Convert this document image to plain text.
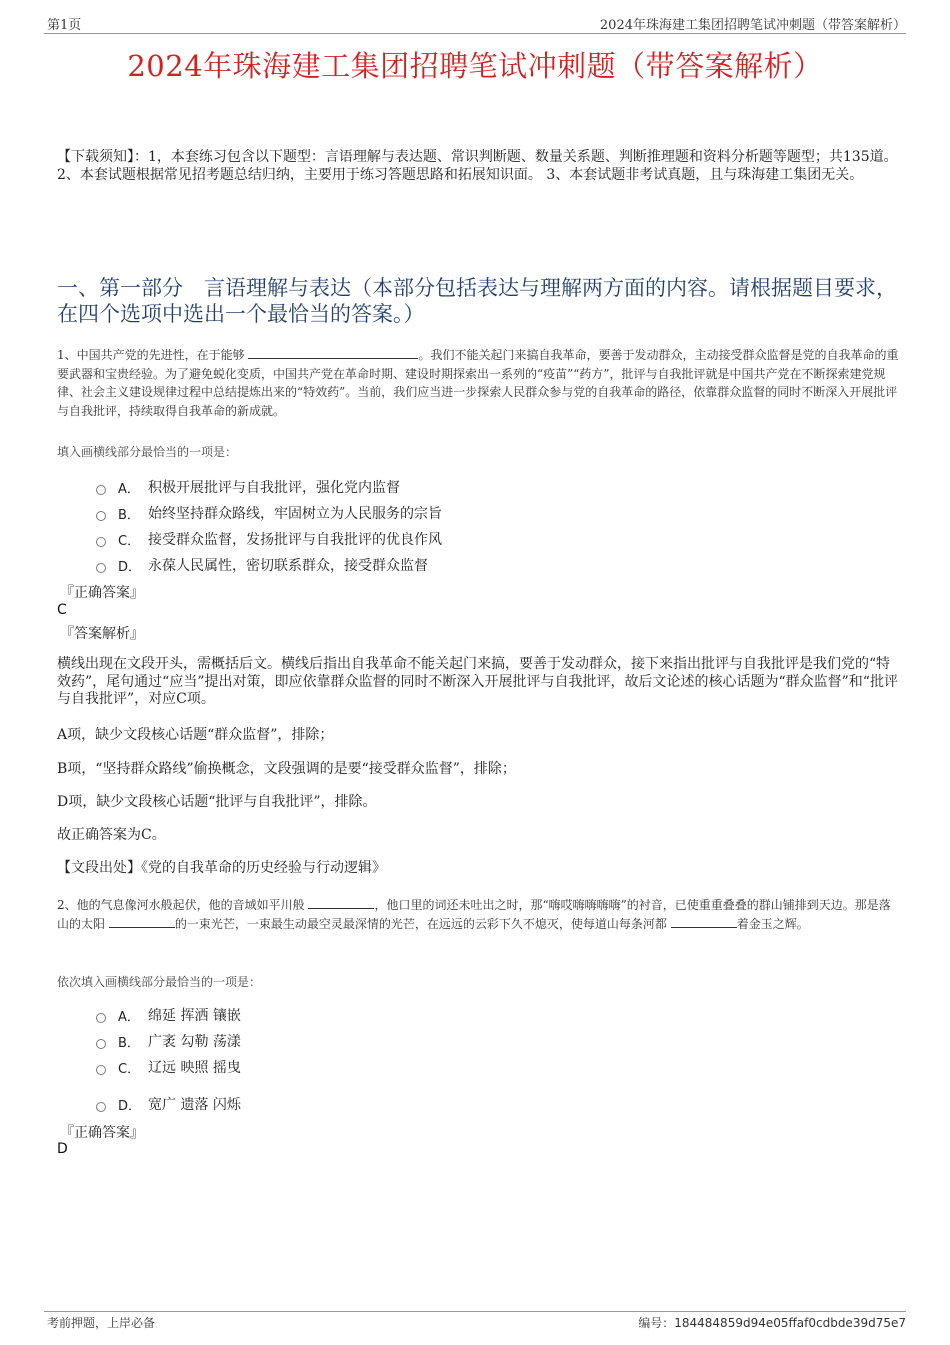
第1页	2024年珠海建工集团招聘笔试冲刺题（带答案解析）
2024年珠海建工集团招聘笔试冲刺题（带答案解析）
【下载须知】：1，本套练习包含以下题型：言语理解与表达题、常识判断题、数量关系题、判断推理题和资料分析题等题型；共135道。 2、本套试题根据常见招考题总结归纳，主要用于练习答题思路和拓展知识面。 3、本套试题非考试真题，且与珠海建工集团无关。
一、第一部分　言语理解与表达（本部分包括表达与理解两方面的内容。请根据题目要求，在四个选项中选出一个最恰当的答案。）
1、中国共产党的先进性，在于能够	。我们不能关起门来搞自我革命，要善于发动群众，主动接受群众监督是党的自我革命的重要武器和宝贵经验。为了避免蜕化变质，中国共产党在革命时期、建设时期探索出一系列的“疫苗”“药方”，批评与自我批评就是中国共产党在不断探索建党规律、社会主义建设规律过程中总结提炼出来的“特效药”。当前，我们应当进一步探索人民群众参与党的自我革命的路径，依靠群众监督的同时不断深入开展批评与自我批评，持续取得自我革命的新成就。
填入画横线部分最恰当的一项是：
A． 积极开展批评与自我批评，强化党内监督
B． 始终坚持群众路线，牢固树立为人民服务的宗旨
C． 接受群众监督，发扬批评与自我批评的优良作风
D． 永葆人民属性，密切联系群众，接受群众监督
『正确答案』
C
『答案解析』
横线出现在文段开头，需概括后文。横线后指出自我革命不能关起门来搞，要善于发动群众，接下来指出批评与自我批评是我们党的“特效药”，尾句通过“应当”提出对策，即应依靠群众监督的同时不断深入开展批评与自我批评，故后文论述的核心话题为“群众监督”和“批评与自我批评”，对应C项。
A项，缺少文段核心话题“群众监督”，排除；
B项，“坚持群众路线”偷换概念，文段强调的是要“接受群众监督”，排除；
D项，缺少文段核心话题“批评与自我批评”，排除。
故正确答案为C。
【文段出处】《党的自我革命的历史经验与行动逻辑》
2、他的气息像河水般起伏，他的音域如平川般	，他口里的词还未吐出之时，那“嗨哎嗨嗨嗨嗨”的衬音，已使重重叠叠的群山铺排到天边。那是落山的太阳	的一束光芒，一束最生动最空灵最深情的光芒，在远远的云彩下久不熄灭，使每道山每条河都	着金玉之辉。
依次填入画横线部分最恰当的一项是：
A． 绵延 挥洒 镶嵌
B． 广袤 勾勒 荡漾
C． 辽远 映照 摇曳
D． 宽广 遗落 闪烁
『正确答案』
D
考前押题，上岸必备	编号：184484859d94e05ffaf0cdbde39d75e7
